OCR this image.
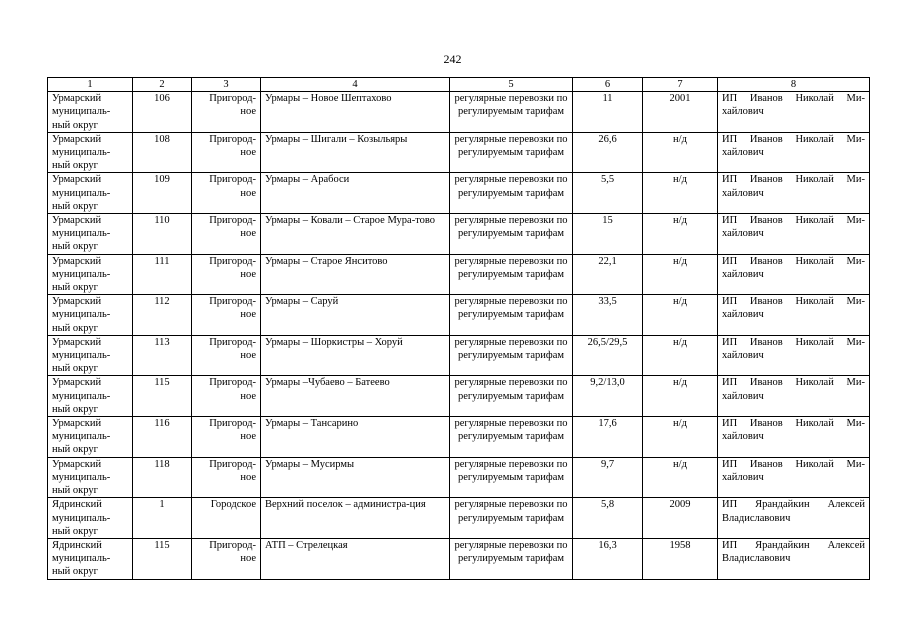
242
1	2	3	4	5	6	7	8
Урмарский муниципаль-ный округ	106	Пригород-ное	Урмары – Новое Шептахово	регулярные перевозки по регулируемым тарифам	11	2001	ИП Иванов Николай Ми-хайлович
Урмарский муниципаль-ный округ	108	Пригород-ное	Урмары – Шигали – Козыльяры	регулярные перевозки по регулируемым тарифам	26,6	н/д	ИП Иванов Николай Ми-хайлович
Урмарский муниципаль-ный округ	109	Пригород-ное	Урмары – Арабоси	регулярные перевозки по регулируемым тарифам	5,5	н/д	ИП Иванов Николай Ми-хайлович
Урмарский муниципаль-ный округ	110	Пригород-ное	Урмары – Ковали – Старое Мура-тово	регулярные перевозки по регулируемым тарифам	15	н/д	ИП Иванов Николай Ми-хайлович
Урмарский муниципаль-ный округ	111	Пригород-ное	Урмары – Старое Янситово	регулярные перевозки по регулируемым тарифам	22,1	н/д	ИП Иванов Николай Ми-хайлович
Урмарский муниципаль-ный округ	112	Пригород-ное	Урмары – Саруй	регулярные перевозки по регулируемым тарифам	33,5	н/д	ИП Иванов Николай Ми-хайлович
Урмарский муниципаль-ный округ	113	Пригород-ное	Урмары – Шоркистры – Хоруй	регулярные перевозки по регулируемым тарифам	26,5/29,5	н/д	ИП Иванов Николай Ми-хайлович
Урмарский муниципаль-ный округ	115	Пригород-ное	Урмары –Чубаево – Батеево	регулярные перевозки по регулируемым тарифам	9,2/13,0	н/д	ИП Иванов Николай Ми-хайлович
Урмарский муниципаль-ный округ	116	Пригород-ное	Урмары – Тансарино	регулярные перевозки по регулируемым тарифам	17,6	н/д	ИП Иванов Николай Ми-хайлович
Урмарский муниципаль-ный округ	118	Пригород-ное	Урмары – Мусирмы	регулярные перевозки по регулируемым тарифам	9,7	н/д	ИП Иванов Николай Ми-хайлович
Ядринский муниципаль-ный округ	1	Городское	Верхний поселок – администра-ция	регулярные перевозки по регулируемым тарифам	5,8	2009	ИП Ярандайкин Алексей Владиславович
Ядринский муниципаль-ный округ	115	Пригород-ное	АТП – Стрелецкая	регулярные перевозки по регулируемым тарифам	16,3	1958	ИП Ярандайкин Алексей Владиславович
